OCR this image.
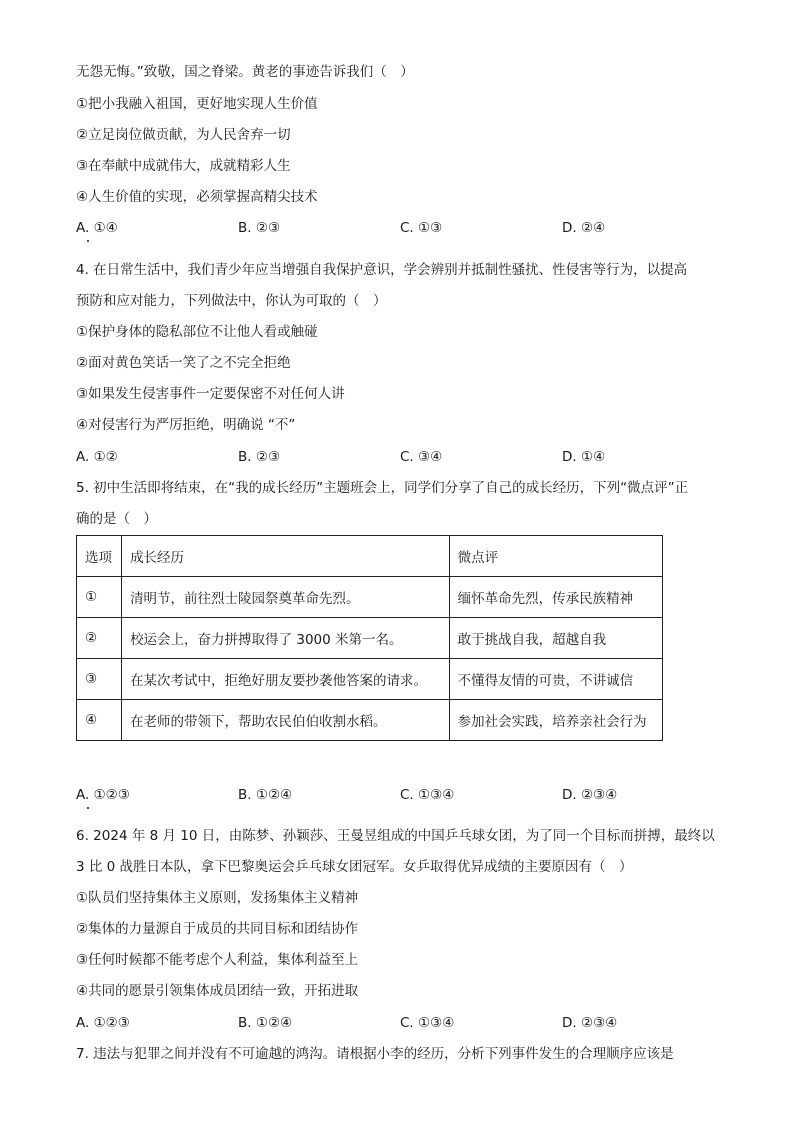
无怨无悔。”致敬，国之脊梁。黄老的事迹告诉我们（　）
①把小我融入祖国，更好地实现人生价值
②立足岗位做贡献，为人民舍弃一切
③在奉献中成就伟大，成就精彩人生
④人生价值的实现，必须掌握高精尖技术
A. ①④	B. ②③	C. ①③	D. ②④
4. 在日常生活中，我们青少年应当增强自我保护意识，学会辨别并抵制性骚扰、性侵害等行为，以提高
预防和应对能力，下列做法中，你认为可取的（　）
①保护身体的隐私部位不让他人看或触碰
②面对黄色笑话一笑了之不完全拒绝
③如果发生侵害事件一定要保密不对任何人讲
④对侵害行为严厉拒绝，明确说 “不”
A. ①②	B. ②③	C. ③④	D. ①④
5. 初中生活即将结束，在“我的成长经历”主题班会上，同学们分享了自己的成长经历，下列“微点评”正
确的是（　）
选项	成长经历	微点评
①	清明节，前往烈士陵园祭奠革命先烈。	缅怀革命先烈，传承民族精神
②	校运会上，奋力拼搏取得了 3000 米第一名。	敢于挑战自我，超越自我
③	在某次考试中，拒绝好朋友要抄袭他答案的请求。	不懂得友情的可贵，不讲诚信
④	在老师的带领下，帮助农民伯伯收割水稻。	参加社会实践，培养亲社会行为
A. ①②③	B. ①②④	C. ①③④	D. ②③④
6. 2024 年 8 月 10 日，由陈梦、孙颖莎、王曼昱组成的中国乒乓球女团，为了同一个目标而拼搏，最终以
3 比 0 战胜日本队，拿下巴黎奥运会乒乓球女团冠军。女乒取得优异成绩的主要原因有（　）
①队员们坚持集体主义原则，发扬集体主义精神
②集体的力量源自于成员的共同目标和团结协作
③任何时候都不能考虑个人利益，集体利益至上
④共同的愿景引领集体成员团结一致，开拓进取
A. ①②③	B. ①②④	C. ①③④	D. ②③④
7. 违法与犯罪之间并没有不可逾越的鸿沟。请根据小李的经历，分析下列事件发生的合理顺序应该是
